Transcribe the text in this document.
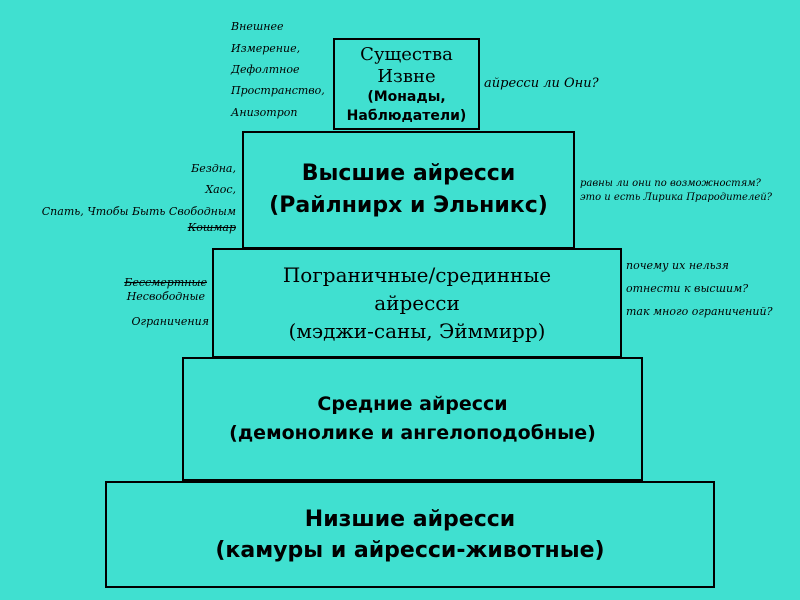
Существа
Извне
(Монады,
Наблюдатели)
Высшие айресси
(Райлнирх и Эльникс)
Пограничные/срединные
айресси
(мэджи-саны, Эйммирр)
Средние айресси
(демонолике и ангелоподобные)
Низшие айресси
(камуры и айресси-животные)
Внешнее
Измерение,
Дефолтное
Пространство,
Анизотроп
айресси ли Они?
Бездна,
Хаос,
Спать, Чтобы Быть Свободным
Кошмар
равны ли они по возможностям?
это и есть Лирика Прародителей?
Бессмертные
Несвободные
Ограничения
почему их нельзя
отнести к высшим?
так много ограничений?
